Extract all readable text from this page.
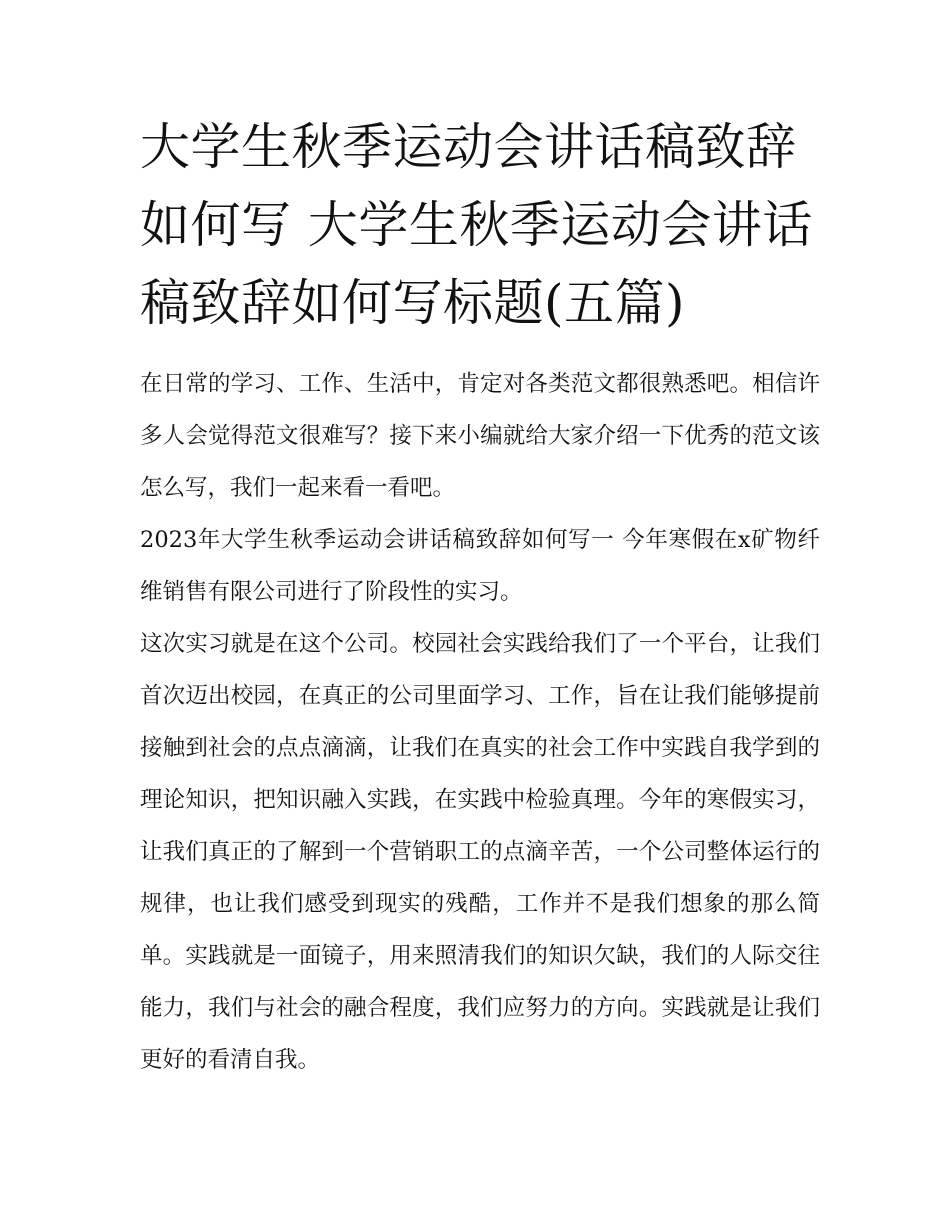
大学生秋季运动会讲话稿致辞如何写 大学生秋季运动会讲话稿致辞如何写标题(五篇)

在日常的学习、工作、生活中，肯定对各类范文都很熟悉吧。相信许多人会觉得范文很难写？接下来小编就给大家介绍一下优秀的范文该怎么写，我们一起来看一看吧。

2023年大学生秋季运动会讲话稿致辞如何写一 今年寒假在x矿物纤维销售有限公司进行了阶段性的实习。

这次实习就是在这个公司。校园社会实践给我们了一个平台，让我们首次迈出校园，在真正的公司里面学习、工作，旨在让我们能够提前接触到社会的点点滴滴，让我们在真实的社会工作中实践自我学到的理论知识，把知识融入实践，在实践中检验真理。今年的寒假实习，让我们真正的了解到一个营销职工的点滴辛苦，一个公司整体运行的规律，也让我们感受到现实的残酷，工作并不是我们想象的那么简单。实践就是一面镜子，用来照清我们的知识欠缺，我们的人际交往能力，我们与社会的融合程度，我们应努力的方向。实践就是让我们更好的看清自我。
